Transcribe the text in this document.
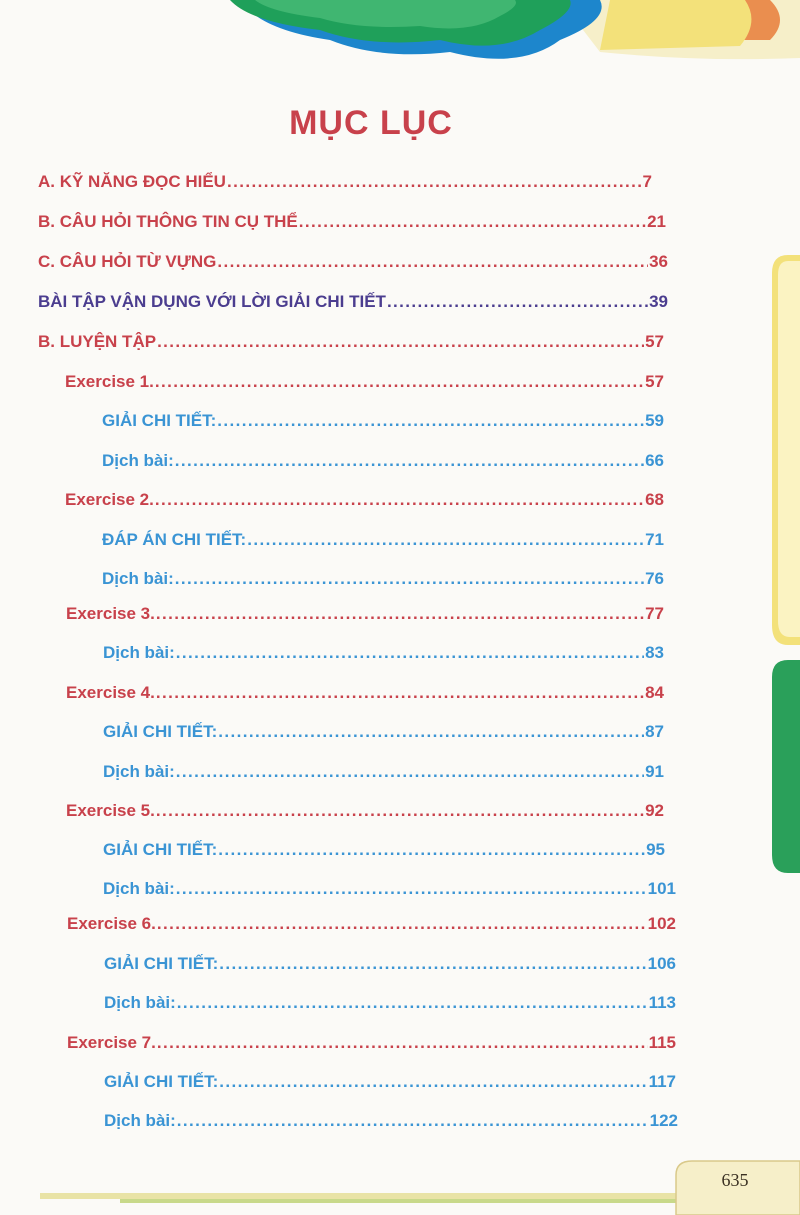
635
MỤC LỤC
A. KỸ NĂNG ĐỌC HIỂU .....	7
B. CÂU HỎI THÔNG TIN CỤ THỂ .....	21
C. CÂU HỎI TỪ VỰNG .....	36
BÀI TẬP VẬN DỤNG VỚI LỜI GIẢI CHI TIẾT .....	39
B. LUYỆN TẬP .....	57
Exercise 1. .....	57
GIẢI CHI TIẾT: .....	59
Dịch bài: .....	66
Exercise 2. .....	68
ĐÁP ÁN CHI TIẾT: .....	71
Dịch bài: .....	76
Exercise 3. .....	77
Dịch bài: .....	83
Exercise 4. .....	84
GIẢI CHI TIẾT: .....	87
Dịch bài: .....	91
Exercise 5. .....	92
GIẢI CHI TIẾT: .....	95
Dịch bài: .....	101
Exercise 6. .....	102
GIẢI CHI TIẾT: .....	106
Dịch bài: .....	113
Exercise 7. .....	115
GIẢI CHI TIẾT: .....	117
Dịch bài: .....	122
